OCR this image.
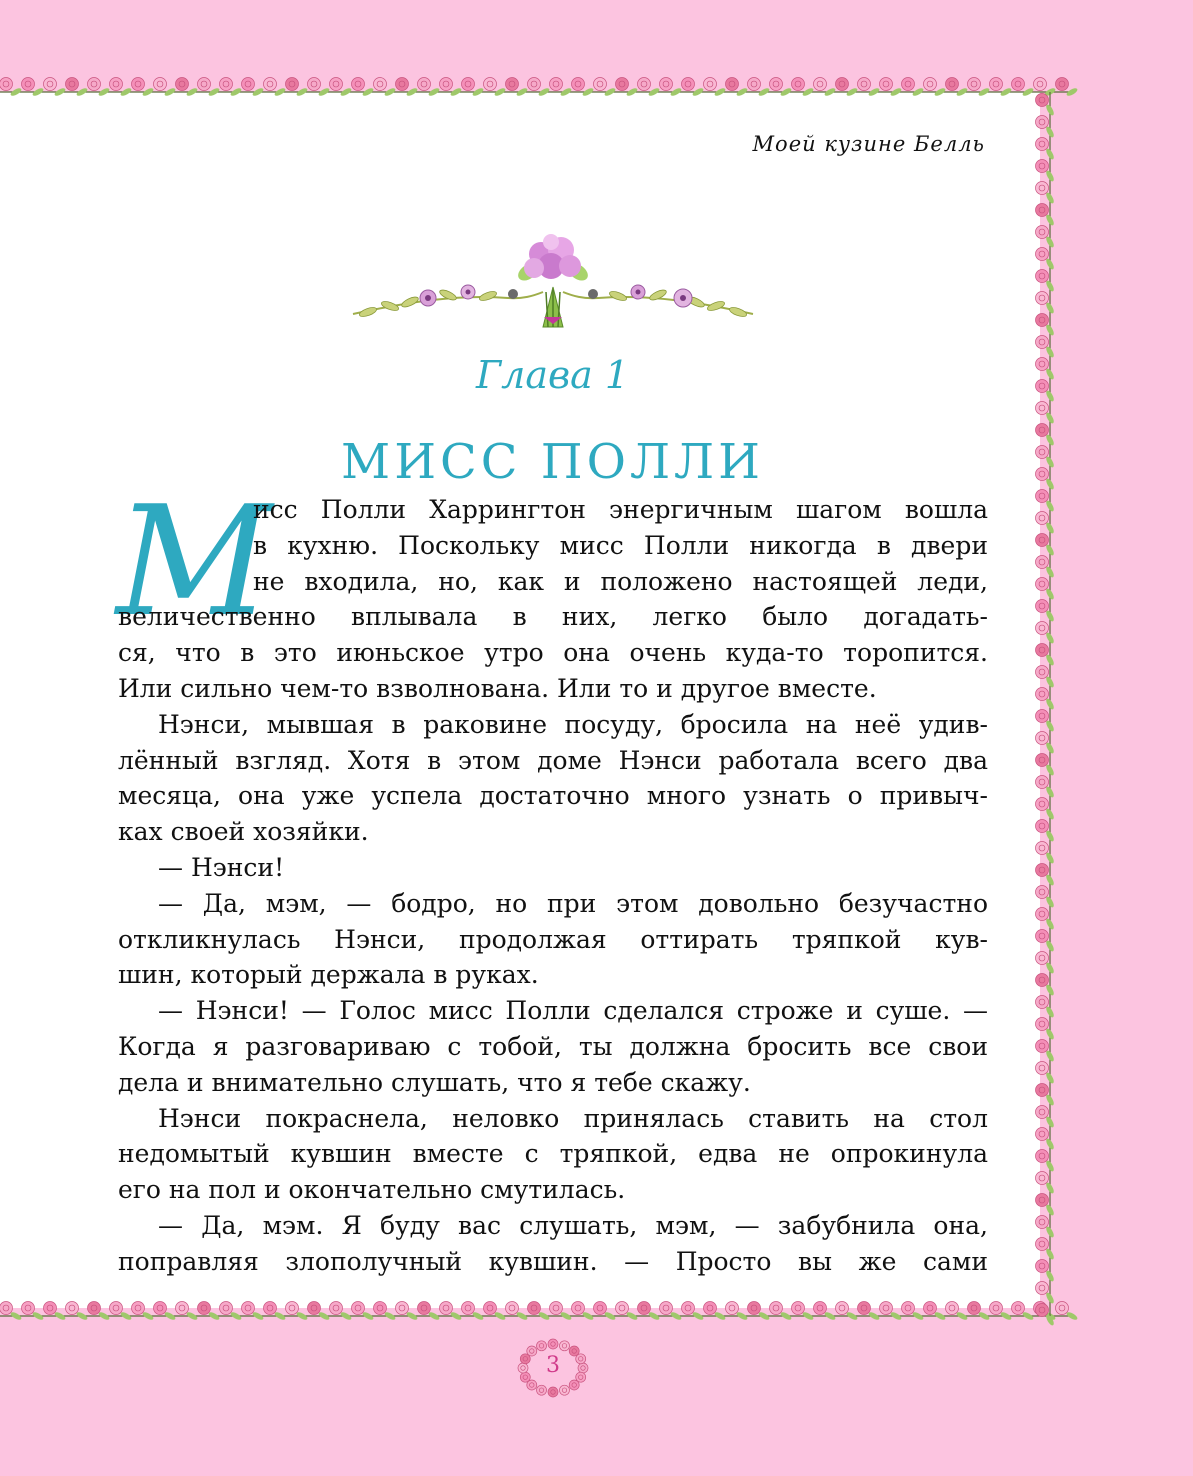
Моей кузине Белль
Глава 1
МИСС ПОЛЛИ
М
исс Полли Харрингтон энергичным шагом вошла
в кухню. Поскольку мисс Полли никогда в двери
не входила, но, как и положено настоящей леди,
величественно вплывала в них, легко было догадать-
ся, что в это июньское утро она очень куда-то торопится.
Или сильно чем-то взволнована. Или то и другое вместе.
Нэнси, мывшая в раковине посуду, бросила на неё удив-
лённый взгляд. Хотя в этом доме Нэнси работала всего два
месяца, она уже успела достаточно много узнать о привыч-
ках своей хозяйки.
— Нэнси!
— Да, мэм, — бодро, но при этом довольно безучастно
откликнулась Нэнси, продолжая оттирать тряпкой кув-
шин, который держала в руках.
— Нэнси! — Голос мисс Полли сделался строже и суше. —
Когда я разговариваю с тобой, ты должна бросить все свои
дела и внимательно слушать, что я тебе скажу.
Нэнси покраснела, неловко принялась ставить на стол
недомытый кувшин вместе с тряпкой, едва не опрокинула
его на пол и окончательно смутилась.
— Да, мэм. Я буду вас слушать, мэм, — забубнила она,
поправляя злополучный кувшин. — Просто вы же сами
3
